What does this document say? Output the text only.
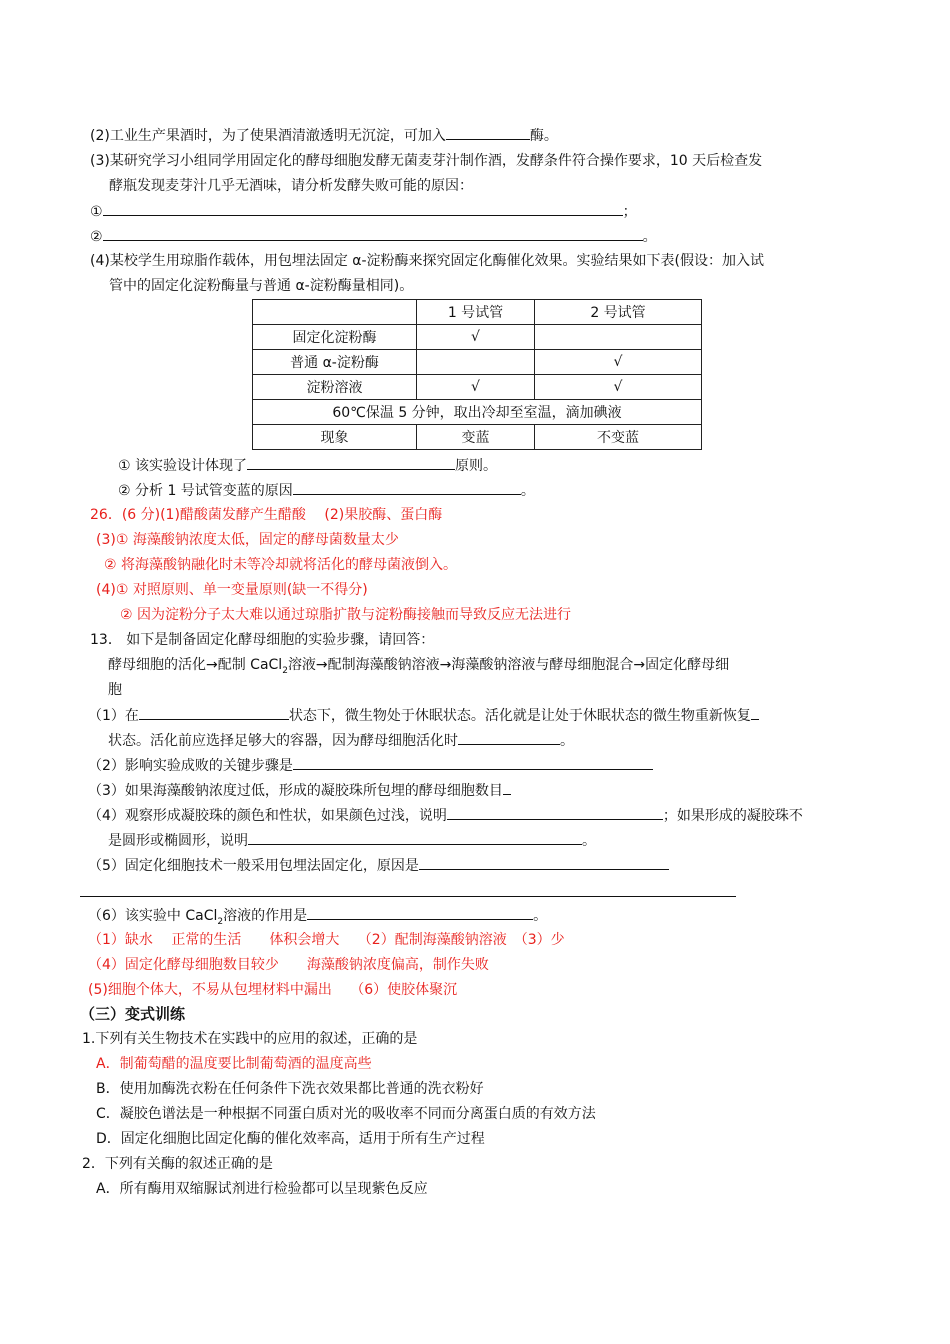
(2)工业生产果酒时，为了使果酒清澈透明无沉淀，可加入	酶。
(3)某研究学习小组同学用固定化的酵母细胞发酵无菌麦芽汁制作酒，发酵条件符合操作要求，10 天后检查发
酵瓶发现麦芽汁几乎无酒味，请分析发酵失败可能的原因：
①	；
②	。
(4)某校学生用琼脂作载体，用包埋法固定 α-淀粉酶来探究固定化酶催化效果。实验结果如下表(假设：加入试
管中的固定化淀粉酶量与普通 α-淀粉酶量相同)。
	1 号试管	2 号试管
固定化淀粉酶	√	
普通 α-淀粉酶		√
淀粉溶液	√	√
60℃保温 5 分钟，取出冷却至室温，滴加碘液		
现象	变蓝	不变蓝
① 该实验设计体现了	原则。
② 分析 1 号试管变蓝的原因	。
26．(6 分)(1)醋酸菌发酵产生醋酸　 (2)果胶酶、蛋白酶
(3)① 海藻酸钠浓度太低，固定的酵母菌数量太少
② 将海藻酸钠融化时未等冷却就将活化的酵母菌液倒入。
(4)① 对照原则、单一变量原则(缺一不得分)
② 因为淀粉分子太大难以通过琼脂扩散与淀粉酶接触而导致反应无法进行
13． 如下是制备固定化酵母细胞的实验步骤，请回答：
酵母细胞的活化→配制 CaCl$_2$溶液→配制海藻酸钠溶液→海藻酸钠溶液与酵母细胞混合→固定化酵母细
胞
（1）在	状态下，微生物处于休眠状态。活化就是让处于休眠状态的微生物重新恢复
状态。活化前应选择足够大的容器，因为酵母细胞活化时	。
（2）影响实验成败的关键步骤是
（3）如果海藻酸钠浓度过低，形成的凝胶珠所包埋的酵母细胞数目
（4）观察形成凝胶珠的颜色和性状，如果颜色过浅，说明	；如果形成的凝胶珠不
是圆形或椭圆形，说明	。
（5）固定化细胞技术一般采用包埋法固定化，原因是
（6）该实验中 CaCl$_2$溶液的作用是	。
（1）缺水　 正常的生活　　体积会增大　 （2）配制海藻酸钠溶液　（3）少
（4）固定化酵母细胞数目较少　　海藻酸钠浓度偏高，制作失败
(5)细胞个体大，不易从包埋材料中漏出　 （6）使胶体聚沉
（三）变式训练
1.下列有关生物技术在实践中的应用的叙述，正确的是
A．制葡萄醋的温度要比制葡萄酒的温度高些
B．使用加酶洗衣粉在任何条件下洗衣效果都比普通的洗衣粉好
C．凝胶色谱法是一种根据不同蛋白质对光的吸收率不同而分离蛋白质的有效方法
D．固定化细胞比固定化酶的催化效率高，适用于所有生产过程
2．下列有关酶的叙述正确的是
A．所有酶用双缩脲试剂进行检验都可以呈现紫色反应
